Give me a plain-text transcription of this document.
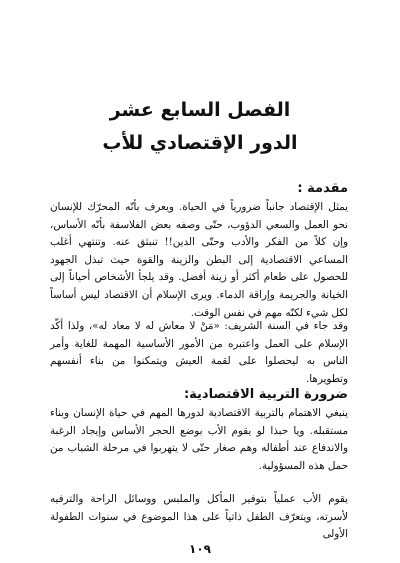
الفصل السابع عشر
الدور الإقتصادي للأب
مقدمة :

يمثل الإقتصاد جانباً ضرورياً في الحياة. ويعرف بأنّه المحرّك للإنسان نحو العمل والسعي الدؤوب، حتّى وصفه بعض الفلاسفة بأنّه الأساس، وإن كلاً من الفكر والأدب وحتّى الدين!! تنبثق عنه. وتنتهي أغلب المساعي الاقتصادية إلى البطن والزينة والقوة حيث تبذل الجهود للحصول على طعام أكثر أو زينة أفضل. وقد يلجأ الأشخاص أحياناً إلى الخيانة والجريمة وإراقة الدماء. ويرى الإسلام أن الاقتصاد ليس أساساً لكل شيء لكنّه مهم في نفس الوقت.

وقد جاء في السنة الشريف: «مَنْ لا معاش له لا معاد له»، ولذا أكّد الإسلام على العمل واعتبره من الأمور الأساسية المهمة للغاية وأمر الناس به ليحصلوا على لقمة العيش ويتمكنوا من بناء أنفسهم وتطويرها.

ضرورة التربية الاقتصادية:

ينبغي الاهتمام بالتربية الاقتصادية لدورها المهم في حياة الإنسان وبناء مستقبله. ويا حبذا لو يقوم الأب بوضع الحجر الأساس وإيجاد الرغبة والاندفاع عند أطفاله وهم صغار حتّى لا يتهربوا في مرحلة الشباب من حمل هذه المسؤولية.

يقوم الأب عملياً بتوفير المأكل والملبس ووسائل الراحة والترفيه لأسرته، ويتعرّف الطفل ذاتياً على هذا الموضوع في سنوات الطفولة الأولى

١٠٩
